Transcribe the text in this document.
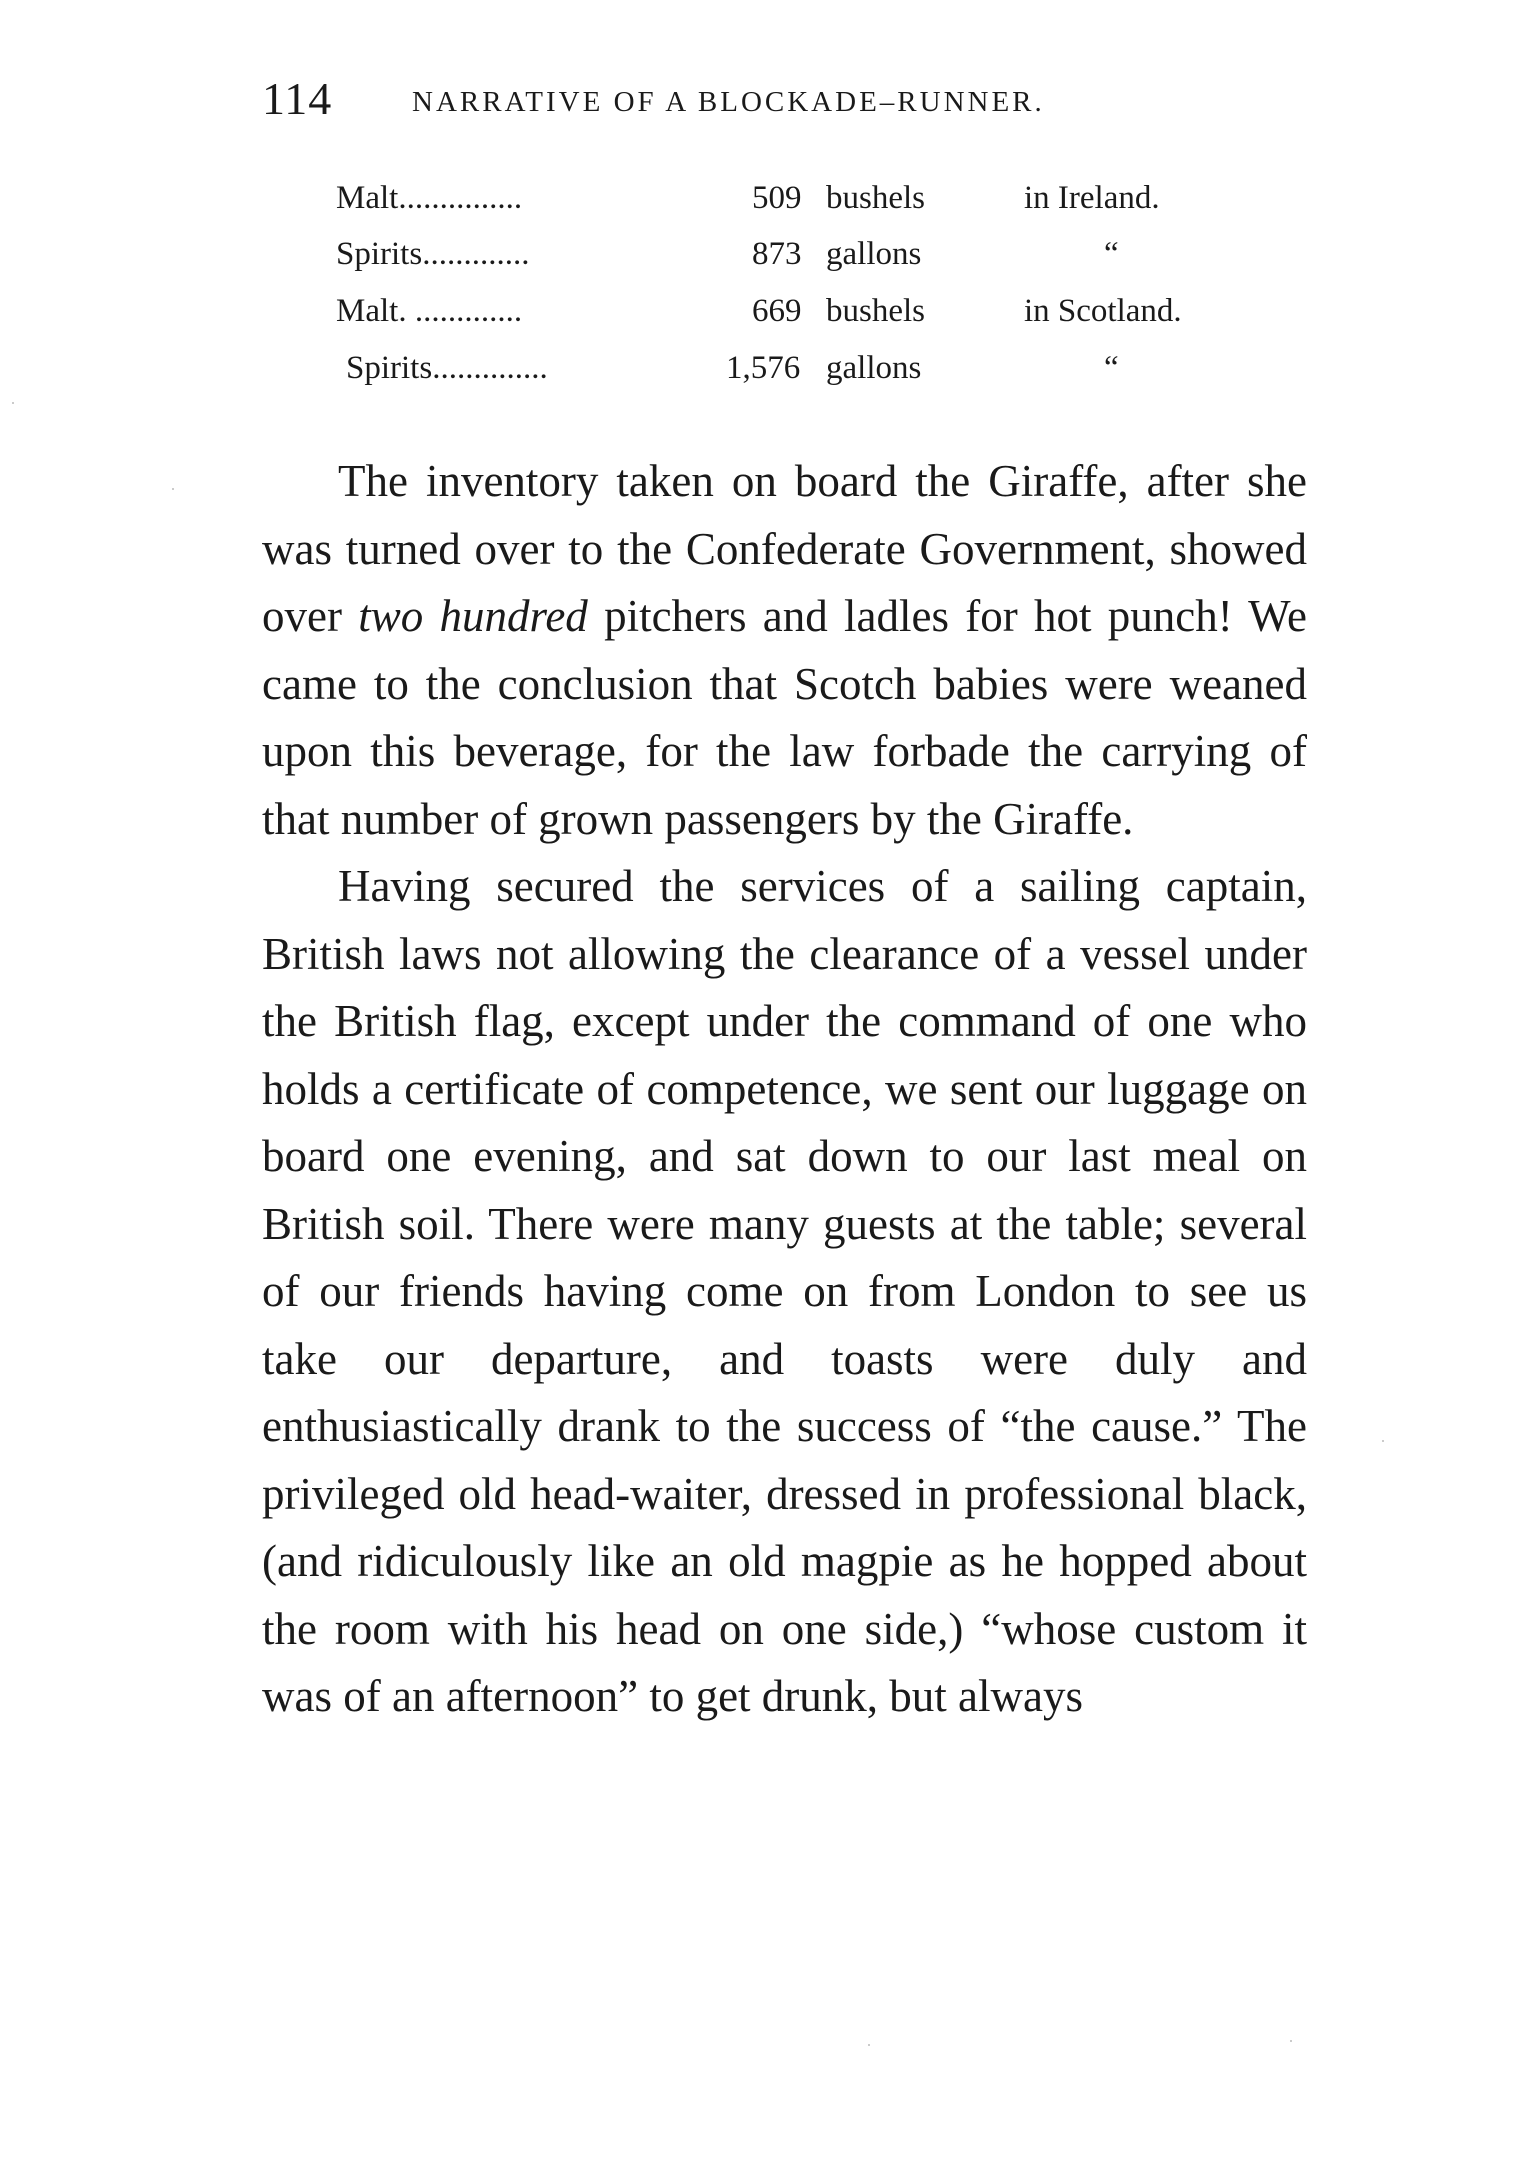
114	NARRATIVE OF A BLOCKADE–RUNNER.
Malt...............	509 bushels	in Ireland.
Spirits.............	873 gallons	“
Malt. .............	669 bushels	in Scotland.
Spirits..............	1,576 gallons	“

The inventory taken on board the Giraffe, after she was turned over to the Confederate Government, showed over two hundred pitchers and ladles for hot punch! We came to the conclusion that Scotch babies were weaned upon this beverage, for the law forbade the carrying of that number of grown passengers by the Giraffe.

Having secured the services of a sailing captain, British laws not allowing the clearance of a vessel under the British flag, except under the command of one who holds a certificate of competence, we sent our luggage on board one evening, and sat down to our last meal on British soil. There were many guests at the table; several of our friends having come on from London to see us take our departure, and toasts were duly and enthusiastically drank to the success of “the cause.” The privileged old head-waiter, dressed in professional black, (and ridiculously like an old magpie as he hopped about the room with his head on one side,) “whose custom it was of an afternoon” to get drunk, but always
